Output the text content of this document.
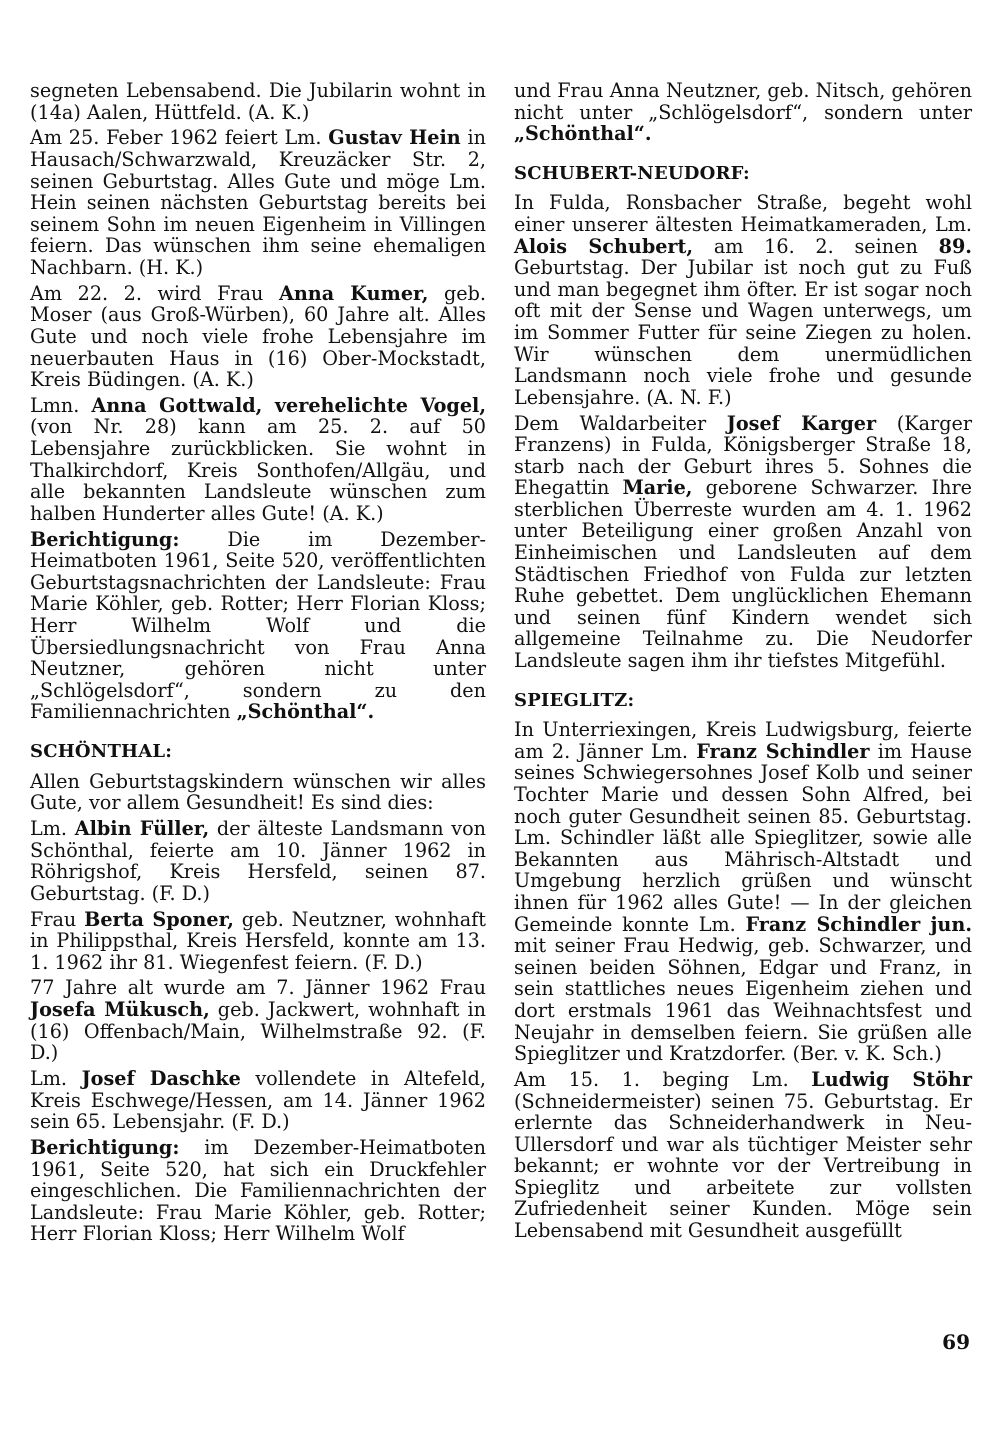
segneten Lebensabend. Die Jubilarin wohnt in (14a) Aalen, Hüttfeld. (A. K.)

Am 25. Feber 1962 feiert Lm. Gustav Hein in Hausach/Schwarzwald, Kreuzäcker Str. 2, seinen Geburtstag. Alles Gute und möge Lm. Hein seinen nächsten Geburtstag bereits bei seinem Sohn im neuen Eigenheim in Villingen feiern. Das wünschen ihm seine ehemaligen Nachbarn. (H. K.)

Am 22. 2. wird Frau Anna Kumer, geb. Moser (aus Groß-Würben), 60 Jahre alt. Alles Gute und noch viele frohe Lebensjahre im neuerbauten Haus in (16) Ober-Mockstadt, Kreis Büdingen. (A. K.)

Lmn. Anna Gottwald, verehelichte Vogel, (von Nr. 28) kann am 25. 2. auf 50 Lebensjahre zurückblicken. Sie wohnt in Thalkirchdorf, Kreis Sonthofen/Allgäu, und alle bekannten Landsleute wünschen zum halben Hunderter alles Gute! (A. K.)

Berichtigung: Die im Dezember-Heimatboten 1961, Seite 520, veröffentlichten Geburtstagsnachrichten der Landsleute: Frau Marie Köhler, geb. Rotter; Herr Florian Kloss; Herr Wilhelm Wolf und die Übersiedlungsnachricht von Frau Anna Neutzner, gehören nicht unter „Schlögelsdorf“, sondern zu den Familiennachrichten „Schönthal“.

SCHÖNTHAL:

Allen Geburtstagskindern wünschen wir alles Gute, vor allem Gesundheit! Es sind dies:

Lm. Albin Füller, der älteste Landsmann von Schönthal, feierte am 10. Jänner 1962 in Röhrigshof, Kreis Hersfeld, seinen 87. Geburtstag. (F. D.)

Frau Berta Sponer, geb. Neutzner, wohnhaft in Philippsthal, Kreis Hersfeld, konnte am 13. 1. 1962 ihr 81. Wiegenfest feiern. (F. D.)

77 Jahre alt wurde am 7. Jänner 1962 Frau Josefa Mükusch, geb. Jackwert, wohnhaft in (16) Offenbach/Main, Wilhelmstraße 92. (F. D.)

Lm. Josef Daschke vollendete in Altefeld, Kreis Eschwege/Hessen, am 14. Jänner 1962 sein 65. Lebensjahr. (F. D.)

Berichtigung: im Dezember-Heimatboten 1961, Seite 520, hat sich ein Druckfehler eingeschlichen. Die Familiennachrichten der Landsleute: Frau Marie Köhler, geb. Rotter; Herr Florian Kloss; Herr Wilhelm Wolf

und Frau Anna Neutzner, geb. Nitsch, gehören nicht unter „Schlögelsdorf“, sondern unter „Schönthal“.

SCHUBERT-NEUDORF:

In Fulda, Ronsbacher Straße, begeht wohl einer unserer ältesten Heimatkameraden, Lm. Alois Schubert, am 16. 2. seinen 89. Geburtstag. Der Jubilar ist noch gut zu Fuß und man begegnet ihm öfter. Er ist sogar noch oft mit der Sense und Wagen unterwegs, um im Sommer Futter für seine Ziegen zu holen. Wir wünschen dem unermüdlichen Landsmann noch viele frohe und gesunde Lebensjahre. (A. N. F.)

Dem Waldarbeiter Josef Karger (Karger Franzens) in Fulda, Königsberger Straße 18, starb nach der Geburt ihres 5. Sohnes die Ehegattin Marie, geborene Schwarzer. Ihre sterblichen Überreste wurden am 4. 1. 1962 unter Beteiligung einer großen Anzahl von Einheimischen und Landsleuten auf dem Städtischen Friedhof von Fulda zur letzten Ruhe gebettet. Dem unglücklichen Ehemann und seinen fünf Kindern wendet sich allgemeine Teilnahme zu. Die Neudorfer Landsleute sagen ihm ihr tiefstes Mitgefühl.

SPIEGLITZ:

In Unterriexingen, Kreis Ludwigsburg, feierte am 2. Jänner Lm. Franz Schindler im Hause seines Schwiegersohnes Josef Kolb und seiner Tochter Marie und dessen Sohn Alfred, bei noch guter Gesundheit seinen 85. Geburtstag. Lm. Schindler läßt alle Spieglitzer, sowie alle Bekannten aus Mährisch-Altstadt und Umgebung herzlich grüßen und wünscht ihnen für 1962 alles Gute! — In der gleichen Gemeinde konnte Lm. Franz Schindler jun. mit seiner Frau Hedwig, geb. Schwarzer, und seinen beiden Söhnen, Edgar und Franz, in sein stattliches neues Eigenheim ziehen und dort erstmals 1961 das Weihnachtsfest und Neujahr in demselben feiern. Sie grüßen alle Spieglitzer und Kratzdorfer. (Ber. v. K. Sch.)

Am 15. 1. beging Lm. Ludwig Stöhr (Schneidermeister) seinen 75. Geburtstag. Er erlernte das Schneiderhandwerk in Neu-Ullersdorf und war als tüchtiger Meister sehr bekannt; er wohnte vor der Vertreibung in Spieglitz und arbeitete zur vollsten Zufriedenheit seiner Kunden. Möge sein Lebensabend mit Gesundheit ausgefüllt

69
